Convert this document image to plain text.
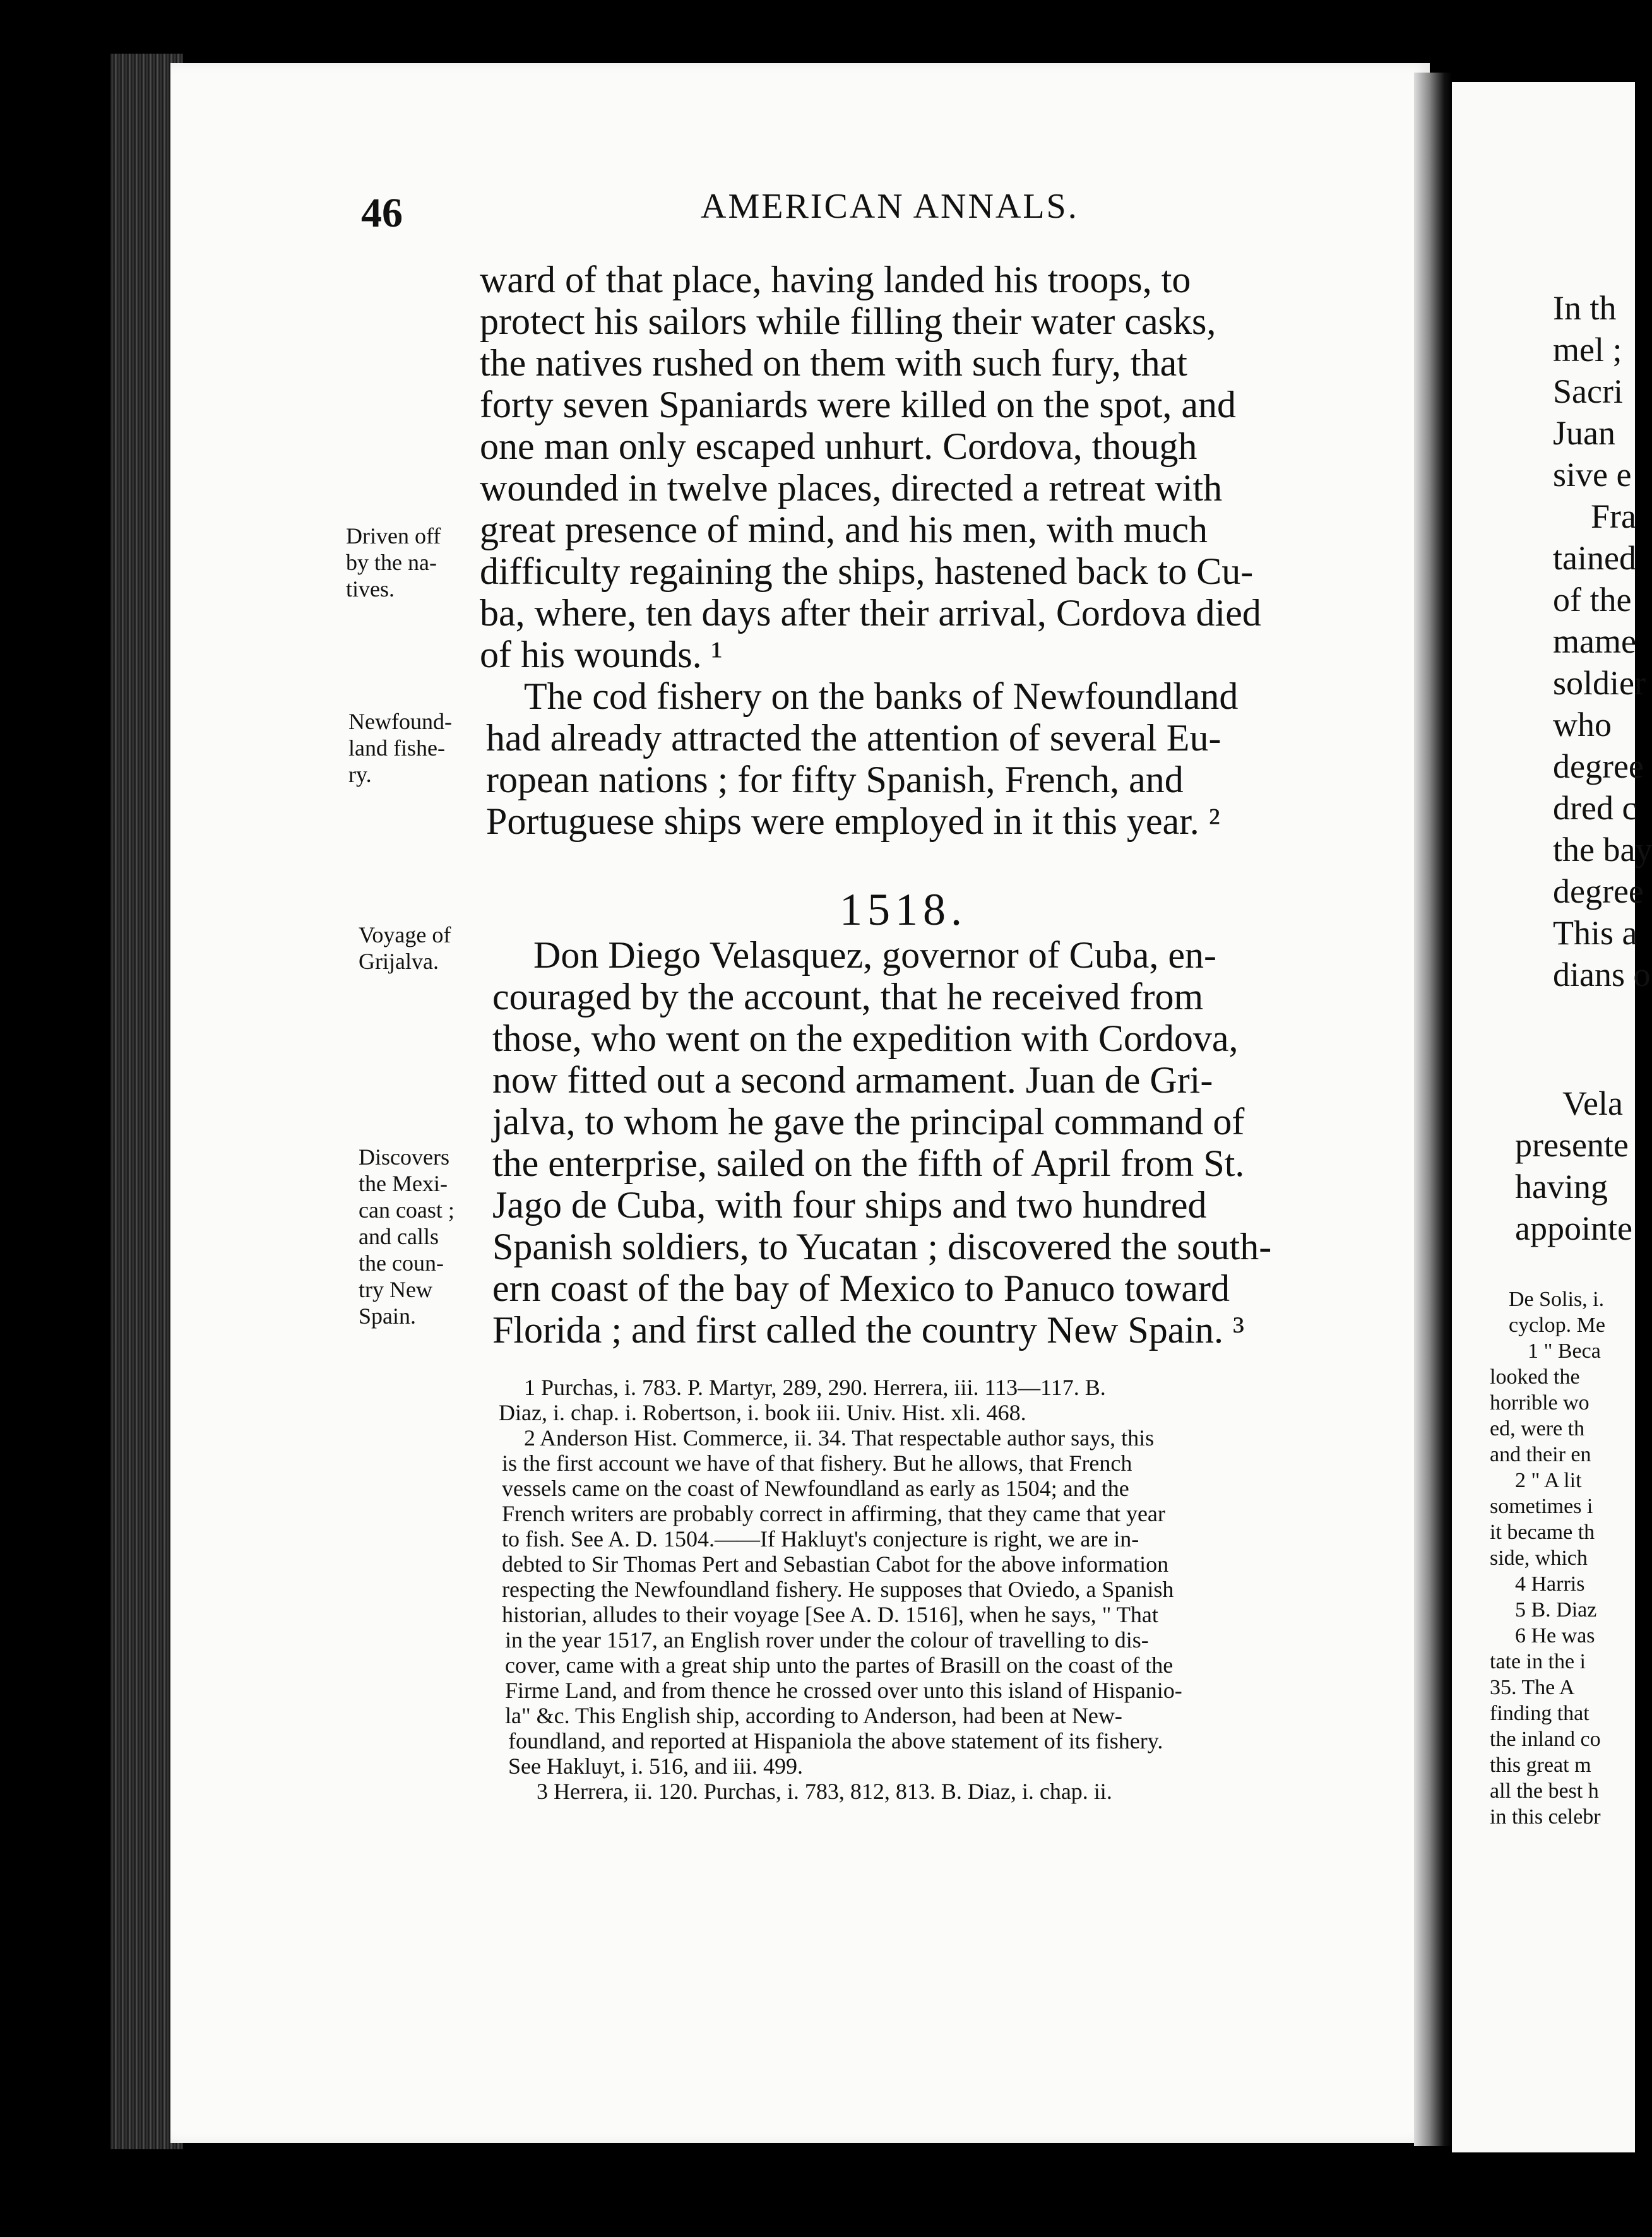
46	AMERICAN ANNALS.
ward of that place, having landed his troops, to
protect his sailors while filling their water casks,
the natives rushed on them with such fury, that
forty seven Spaniards were killed on the spot, and
one man only escaped unhurt. Cordova, though
wounded in twelve places, directed a retreat with
great presence of mind, and his men, with much
difficulty regaining the ships, hastened back to Cu-
ba, where, ten days after their arrival, Cordova died
of his wounds. ¹
The cod fishery on the banks of Newfoundland
had already attracted the attention of several Eu-
ropean nations ; for fifty Spanish, French, and
Portuguese ships were employed in it this year. ²
1518.
Don Diego Velasquez, governor of Cuba, en-
couraged by the account, that he received from
those, who went on the expedition with Cordova,
now fitted out a second armament. Juan de Gri-
jalva, to whom he gave the principal command of
the enterprise, sailed on the fifth of April from St.
Jago de Cuba, with four ships and two hundred
Spanish soldiers, to Yucatan ; discovered the south-
ern coast of the bay of Mexico to Panuco toward
Florida ; and first called the country New Spain. ³
Driven off
by the na-
tives.
Newfound-
land fishe-
ry.
Voyage of
Grijalva.
Discovers
the Mexi-
can coast ;
and calls
the coun-
try New
Spain.
1 Purchas, i. 783. P. Martyr, 289, 290. Herrera, iii. 113—117. B.
Diaz, i. chap. i. Robertson, i. book iii. Univ. Hist. xli. 468.
2 Anderson Hist. Commerce, ii. 34. That respectable author says, this
is the first account we have of that fishery. But he allows, that French
vessels came on the coast of Newfoundland as early as 1504; and the
French writers are probably correct in affirming, that they came that year
to fish. See A. D. 1504.——If Hakluyt's conjecture is right, we are in-
debted to Sir Thomas Pert and Sebastian Cabot for the above information
respecting the Newfoundland fishery. He supposes that Oviedo, a Spanish
historian, alludes to their voyage [See A. D. 1516], when he says, " That
in the year 1517, an English rover under the colour of travelling to dis-
cover, came with a great ship unto the partes of Brasill on the coast of the
Firme Land, and from thence he crossed over unto this island of Hispanio-
la" &c. This English ship, according to Anderson, had been at New-
foundland, and reported at Hispaniola the above statement of its fishery.
See Hakluyt, i. 516, and iii. 499.
3 Herrera, ii. 120. Purchas, i. 783, 812, 813. B. Diaz, i. chap. ii.
In th
mel ;
Sacri
Juan
sive e
Fra
tained
of the
mame
soldier
who
degree
dred c
the bay
degree
This a
dians o
Vela
presente
having
appointe
De Solis, i.
cyclop. Me
1 " Beca
looked the
horrible wo
ed, were th
and their en
2 " A lit
sometimes i
it became th
side, which
4 Harris
5 B. Diaz
6 He was
tate in the i
35. The A
finding that
the inland co
this great m
all the best h
in this celebr
